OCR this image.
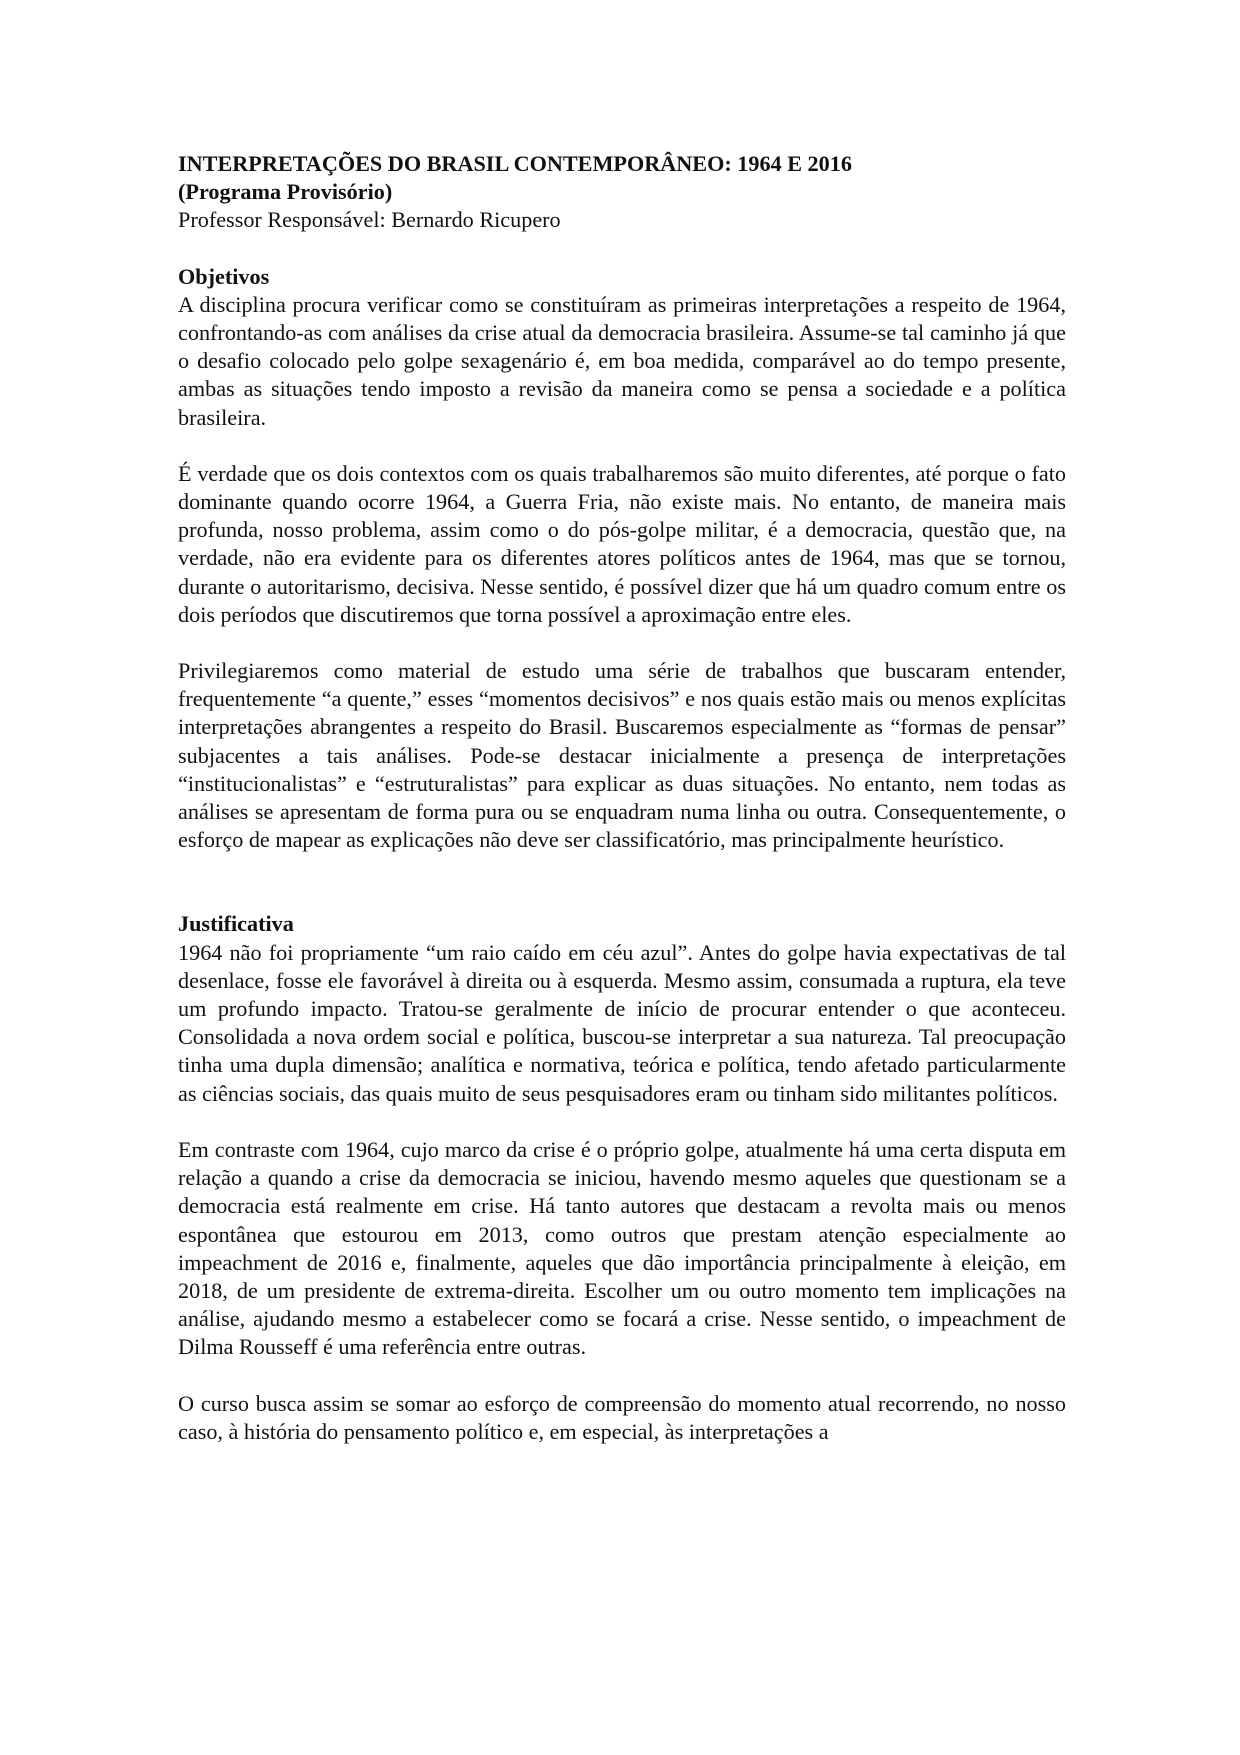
INTERPRETAÇÕES DO BRASIL CONTEMPORÂNEO: 1964 E 2016

(Programa Provisório)

Professor Responsável: Bernardo Ricupero

Objetivos

A disciplina procura verificar como se constituíram as primeiras interpretações a respeito de 1964, confrontando-as com análises da crise atual da democracia brasileira. Assume-se tal caminho já que o desafio colocado pelo golpe sexagenário é, em boa medida, comparável ao do tempo presente, ambas as situações tendo imposto a revisão da maneira como se pensa a sociedade e a política brasileira.

É verdade que os dois contextos com os quais trabalharemos são muito diferentes, até porque o fato dominante quando ocorre 1964, a Guerra Fria, não existe mais. No entanto, de maneira mais profunda, nosso problema, assim como o do pós-golpe militar, é a democracia, questão que, na verdade, não era evidente para os diferentes atores políticos antes de 1964, mas que se tornou, durante o autoritarismo, decisiva. Nesse sentido, é possível dizer que há um quadro comum entre os dois períodos que discutiremos que torna possível a aproximação entre eles.

Privilegiaremos como material de estudo uma série de trabalhos que buscaram entender, frequentemente “a quente,” esses “momentos decisivos” e nos quais estão mais ou menos explícitas interpretações abrangentes a respeito do Brasil. Buscaremos especialmente as “formas de pensar” subjacentes a tais análises. Pode-se destacar inicialmente a presença de interpretações “institucionalistas” e “estruturalistas” para explicar as duas situações. No entanto, nem todas as análises se apresentam de forma pura ou se enquadram numa linha ou outra. Consequentemente, o esforço de mapear as explicações não deve ser classificatório, mas principalmente heurístico.

Justificativa

1964 não foi propriamente “um raio caído em céu azul”. Antes do golpe havia expectativas de tal desenlace, fosse ele favorável à direita ou à esquerda. Mesmo assim, consumada a ruptura, ela teve um profundo impacto. Tratou-se geralmente de início de procurar entender o que aconteceu. Consolidada a nova ordem social e política, buscou-se interpretar a sua natureza. Tal preocupação tinha uma dupla dimensão; analítica e normativa, teórica e política, tendo afetado particularmente as ciências sociais, das quais muito de seus pesquisadores eram ou tinham sido militantes políticos.

Em contraste com 1964, cujo marco da crise é o próprio golpe, atualmente há uma certa disputa em relação a quando a crise da democracia se iniciou, havendo mesmo aqueles que questionam se a democracia está realmente em crise. Há tanto autores que destacam a revolta mais ou menos espontânea que estourou em 2013, como outros que prestam atenção especialmente ao impeachment de 2016 e, finalmente, aqueles que dão importância principalmente à eleição, em 2018, de um presidente de extrema-direita. Escolher um ou outro momento tem implicações na análise, ajudando mesmo a estabelecer como se focará a crise. Nesse sentido, o impeachment de Dilma Rousseff é uma referência entre outras.

O curso busca assim se somar ao esforço de compreensão do momento atual recorrendo, no nosso caso, à história do pensamento político e, em especial, às interpretações a
